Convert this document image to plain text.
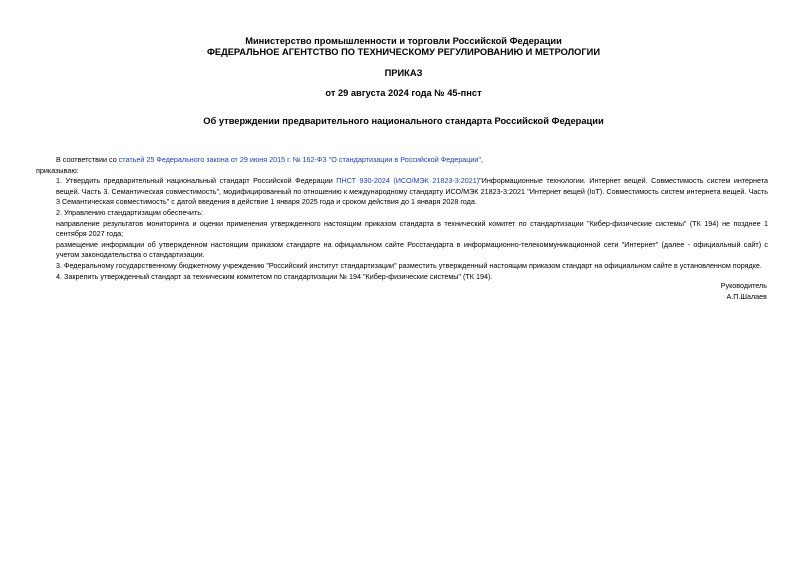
Министерство промышленности и торговли Российской Федерации
ФЕДЕРАЛЬНОЕ АГЕНТСТВО ПО ТЕХНИЧЕСКОМУ РЕГУЛИРОВАНИЮ И МЕТРОЛОГИИ
ПРИКАЗ
от 29 августа 2024 года № 45-пнст
Об утверждении предварительного национального стандарта Российской Федерации

В соответствии со статьей 25 Федерального закона от 29 июня 2015 г. № 162-ФЗ "О стандартизации в Российской Федерации",

приказываю:

1. Утвердить предварительный национальный стандарт Российской Федерации ПНСТ 930-2024 (ИСО/МЭК 21823-3:2021)"Информационные технологии. Интернет вещей. Совместимость систем интернета вещей. Часть 3. Семантическая совместимость", модифицированный по отношению к международному стандарту ИСО/МЭК 21823-3:2021 "Интернет вещей (IoT). Совместимость систем интернета вещей. Часть 3 Семантическая совместимость" с датой введения в действие 1 января 2025 года и сроком действия до 1 января 2028 года.

2. Управлению стандартизации обеспечить:

направление результатов мониторинга и оценки применения утвержденного настоящим приказом стандарта в технический комитет по стандартизации "Кибер-физические системы" (ТК 194) не позднее 1 сентября 2027 года;

размещение информации об утвержденном настоящим приказом стандарте на официальном сайте Росстандарта в информационно-телекоммуникационной сети "Интернет" (далее - официальный сайт) с учетом законодательства о стандартизации.

3. Федеральному государственному бюджетному учреждению "Российский институт стандартизации" разместить утвержденный настоящим приказом стандарт на официальном сайте в установленном порядке.

4. Закрепить утвержденный стандарт за техническим комитетом по стандартизации № 194 "Кибер-физические системы" (ТК 194).

Руководитель
А.П.Шалаев
